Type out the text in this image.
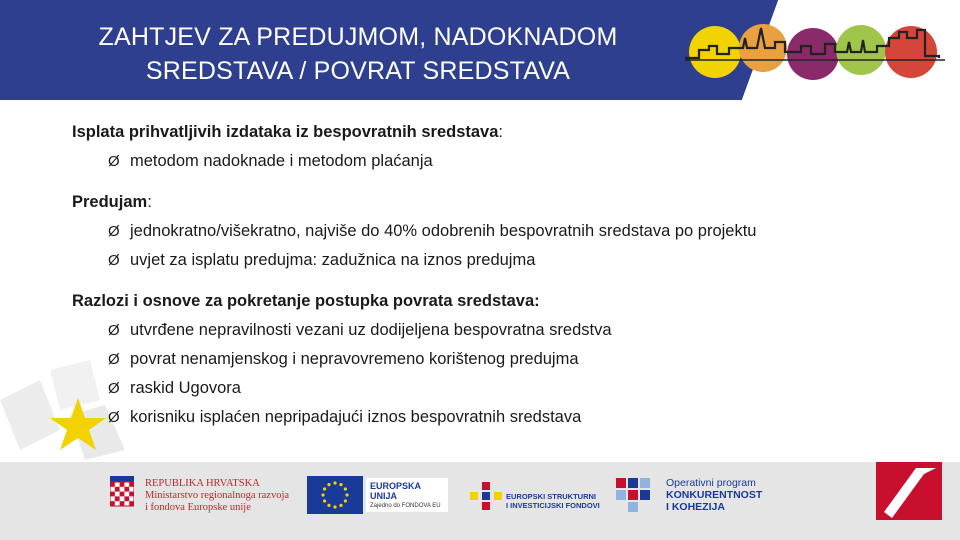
ZAHTJEV ZA PREDUJMOM, NADOKNADOM
SREDSTAVA / POVRAT SREDSTAVA

Isplata prihvatljivih izdataka iz bespovratnih sredstava:

Ø metodom nadoknade i metodom plaćanja

Predujam:

Ø jednokratno/višekratno, najviše do 40% odobrenih bespovratnih sredstava po projektu

Ø uvjet za isplatu predujma: zadužnica na iznos predujma

Razlozi i osnove za pokretanje postupka povrata sredstava:

Ø utvrđene nepravilnosti vezani uz dodijeljena bespovratna sredstva

Ø povrat nenamjenskog i nepravovremeno korištenog predujma

Ø raskid Ugovora

Ø korisniku isplaćen nepripadajući iznos bespovratnih sredstava

REPUBLIKA HRVATSKA
Ministarstvo regionalnoga razvoja
i fondova Europske unije
EUROPSKA UNIJA
Zajedno do FONDOVA EU
EUROPSKI STRUKTURNI
I INVESTICIJSKI FONDOVI
Operativni program
KONKURENTNOST
I KOHEZIJA
